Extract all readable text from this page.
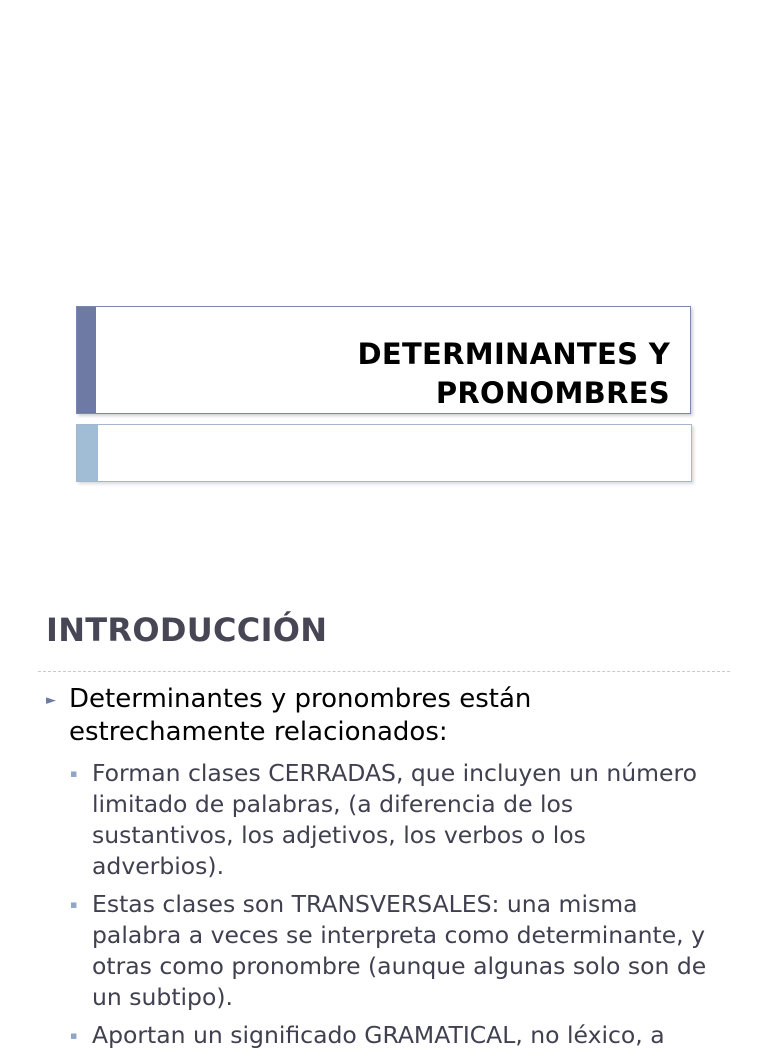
DETERMINANTES Y
PRONOMBRES
INTRODUCCIÓN
► Determinantes y pronombres están estrechamente relacionados:
▪ Forman clases CERRADAS, que incluyen un número limitado de palabras, (a diferencia de los sustantivos, los adjetivos, los verbos o los adverbios).
▪ Estas clases son TRANSVERSALES: una misma palabra a veces se interpreta como determinante, y otras como pronombre (aunque algunas solo son de un subtipo).
▪ Aportan un significado GRAMATICAL, no léxico, a
